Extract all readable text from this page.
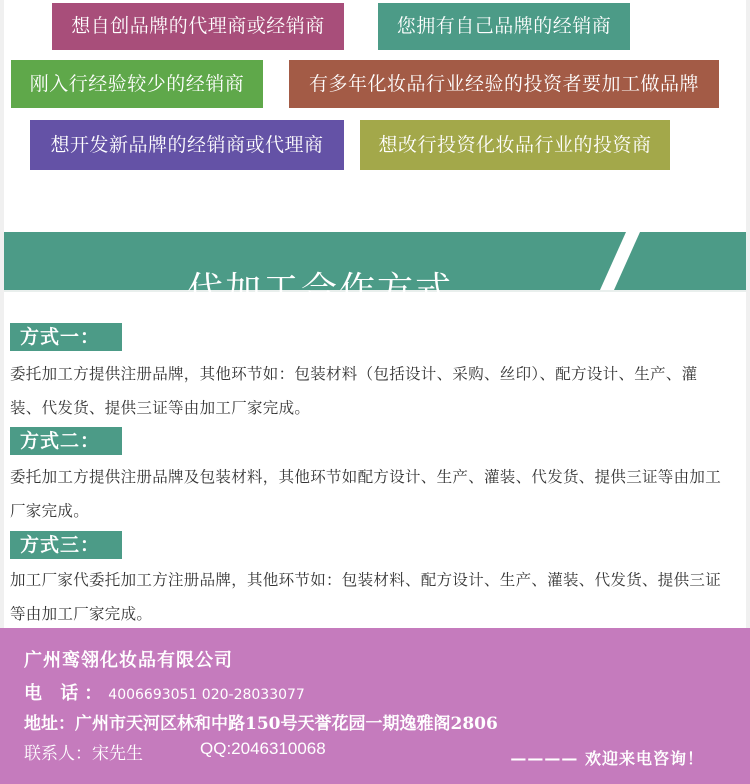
想自创品牌的代理商或经销商	您拥有自己品牌的经销商
刚入行经验较少的经销商	有多年化妆品行业经验的投资者要加工做品牌
想开发新品牌的经销商或代理商	想改行投资化妆品行业的投资商
代加工合作方式
方式一：
委托加工方提供注册品牌，其他环节如：包装材料（包括设计、采购、丝印）、配方设计、生产、灌装、代发货、提供三证等由加工厂家完成。
方式二：
委托加工方提供注册品牌及包装材料，其他环节如配方设计、生产、灌装、代发货、提供三证等由加工厂家完成。
方式三：
加工厂家代委托加工方注册品牌，其他环节如：包装材料、配方设计、生产、灌装、代发货、提供三证等由加工厂家完成。
广州鸾翎化妆品有限公司
电 话：4006693051 020-28033077
地址：广州市天河区林和中路150号天誉花园一期逸雅阁2806
联系人：宋先生	QQ:2046310068
———— 欢迎来电咨询！
